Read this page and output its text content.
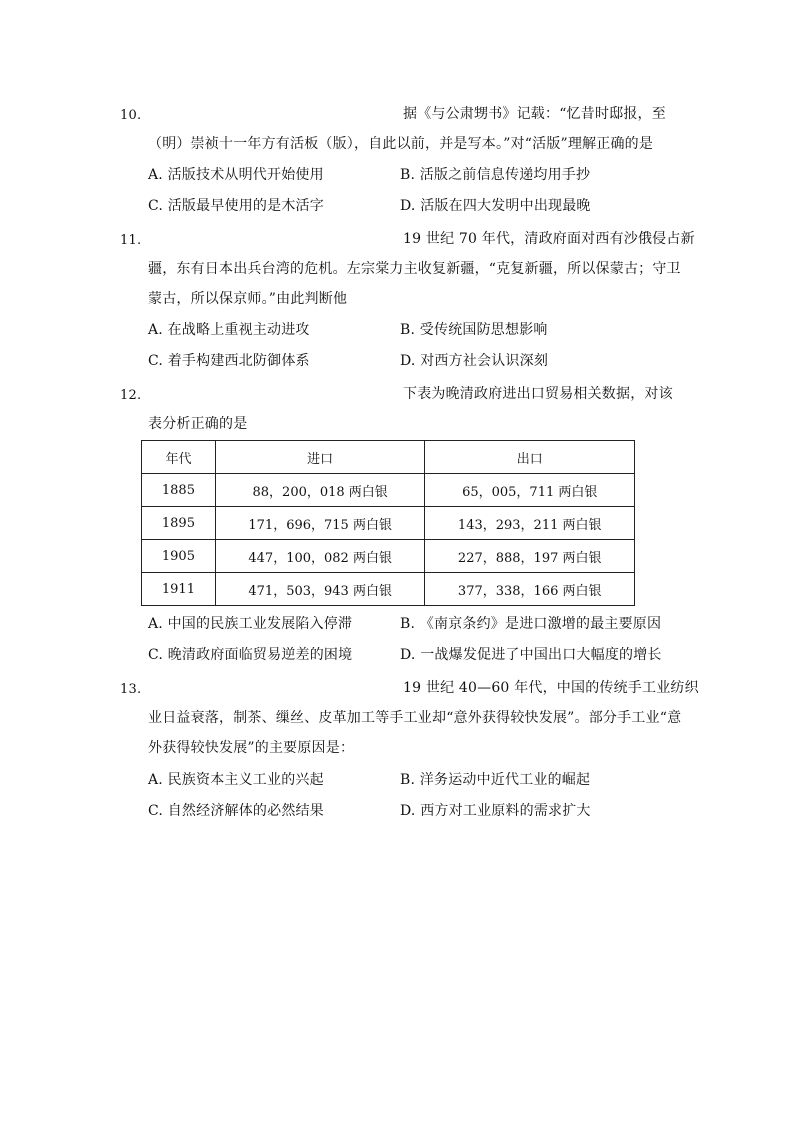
10.	据《与公肃甥书》记载：“忆昔时邸报，至
（明）崇祯十一年方有活板（版），自此以前，并是写本。”对“活版”理解正确的是
A. 活版技术从明代开始使用	B. 活版之前信息传递均用手抄
C. 活版最早使用的是木活字	D. 活版在四大发明中出现最晚
11.	19 世纪 70 年代，清政府面对西有沙俄侵占新
疆，东有日本出兵台湾的危机。左宗棠力主收复新疆，“克复新疆，所以保蒙古；守卫
蒙古，所以保京师。”由此判断他
A. 在战略上重视主动进攻	B. 受传统国防思想影响
C. 着手构建西北防御体系	D. 对西方社会认识深刻
12.	下表为晚清政府进出口贸易相关数据，对该
表分析正确的是
年代	进口	出口
1885	88，200，018 两白银	65，005，711 两白银
1895	171，696，715 两白银	143，293，211 两白银
1905	447，100，082 两白银	227，888，197 两白银
1911	471，503，943 两白银	377，338，166 两白银
A. 中国的民族工业发展陷入停滞	B. 《南京条约》是进口激增的最主要原因
C. 晚清政府面临贸易逆差的困境	D. 一战爆发促进了中国出口大幅度的增长
13.	19 世纪 40—60 年代，中国的传统手工业纺织
业日益衰落，制茶、缫丝、皮革加工等手工业却“意外获得较快发展”。部分手工业“意
外获得较快发展”的主要原因是：
A. 民族资本主义工业的兴起	B. 洋务运动中近代工业的崛起
C. 自然经济解体的必然结果	D. 西方对工业原料的需求扩大
